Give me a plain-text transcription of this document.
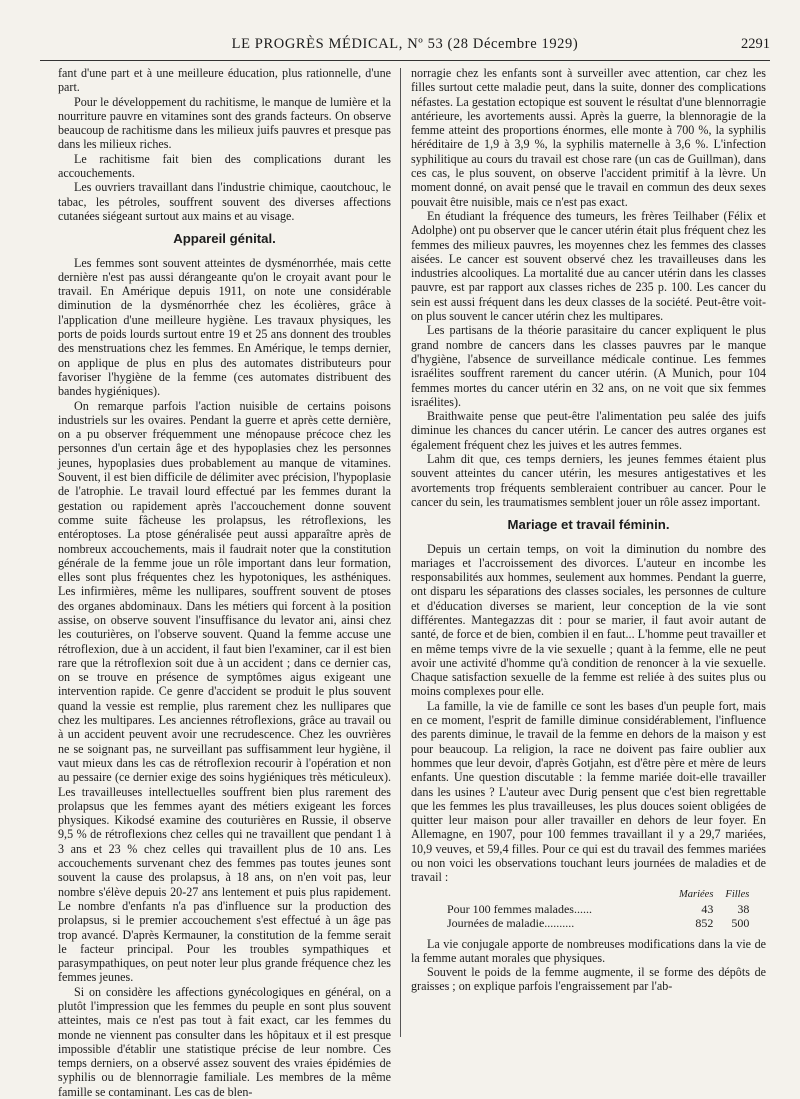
LE PROGRÈS MÉDICAL, Nº 53 (28 Décembre 1929)	2291

fant d'une part et à une meilleure éducation, plus rationnelle, d'une part.

Pour le développement du rachitisme, le manque de lumière et la nourriture pauvre en vitamines sont des grands facteurs. On observe beaucoup de rachitisme dans les milieux juifs pauvres et presque pas dans les milieux riches.

Le rachitisme fait bien des complications durant les accouchements.

Les ouvriers travaillant dans l'industrie chimique, caoutchouc, le tabac, les pétroles, souffrent souvent des diverses affections cutanées siégeant surtout aux mains et au visage.

Appareil génital.

Les femmes sont souvent atteintes de dysménorrhée, mais cette dernière n'est pas aussi dérangeante qu'on le croyait avant pour le travail. En Amérique depuis 1911, on note une considérable diminution de la dysménorrhée chez les écolières, grâce à l'application d'une meilleure hygiène. Les travaux physiques, les ports de poids lourds surtout entre 19 et 25 ans donnent des troubles des menstruations chez les femmes. En Amérique, le temps dernier, on applique de plus en plus des automates distributeurs pour favoriser l'hygiène de la femme (ces automates distribuent des bandes hygiéniques).

On remarque parfois l'action nuisible de certains poisons industriels sur les ovaires. Pendant la guerre et après cette dernière, on a pu observer fréquemment une ménopause précoce chez les personnes d'un certain âge et des hypoplasies chez les personnes jeunes, hypoplasies dues probablement au manque de vitamines. Souvent, il est bien difficile de délimiter avec précision, l'hypoplasie de l'atrophie. Le travail lourd effectué par les femmes durant la gestation ou rapidement après l'accouchement donne souvent comme suite fâcheuse les prolapsus, les rétroflexions, les entéroptoses. La ptose généralisée peut aussi apparaître après de nombreux accouchements, mais il faudrait noter que la constitution générale de la femme joue un rôle important dans leur formation, elles sont plus fréquentes chez les hypotoniques, les asthéniques. Les infirmières, même les nullipares, souffrent souvent de ptoses des organes abdominaux. Dans les métiers qui forcent à la position assise, on observe souvent l'insuffisance du levator ani, ainsi chez les couturières, on l'observe souvent. Quand la femme accuse une rétroflexion, due à un accident, il faut bien l'examiner, car il est bien rare que la rétroflexion soit due à un accident ; dans ce dernier cas, on se trouve en présence de symptômes aigus exigeant une intervention rapide. Ce genre d'accident se produit le plus souvent quand la vessie est remplie, plus rarement chez les nullipares que chez les multipares. Les anciennes rétroflexions, grâce au travail ou à un accident peuvent avoir une recrudescence. Chez les ouvrières ne se soignant pas, ne surveillant pas suffisamment leur hygiène, il vaut mieux dans les cas de rétroflexion recourir à l'opération et non au pessaire (ce dernier exige des soins hygiéniques très méticuleux). Les travailleuses intellectuelles souffrent bien plus rarement des prolapsus que les femmes ayant des métiers exigeant les forces physiques. Kikodsé examine des couturières en Russie, il observe 9,5 % de rétroflexions chez celles qui ne travaillent que pendant 1 à 3 ans et 23 % chez celles qui travaillent plus de 10 ans. Les accouchements survenant chez des femmes pas toutes jeunes sont souvent la cause des prolapsus, à 18 ans, on n'en voit pas, leur nombre s'élève depuis 20-27 ans lentement et puis plus rapidement. Le nombre d'enfants n'a pas d'influence sur la production des prolapsus, si le premier accouchement s'est effectué à un âge pas trop avancé. D'après Kermauner, la constitution de la femme serait le facteur principal. Pour les troubles sympathiques et parasympathiques, on peut noter leur plus grande fréquence chez les femmes jeunes.

Si on considère les affections gynécologiques en général, on a plutôt l'impression que les femmes du peuple en sont plus souvent atteintes, mais ce n'est pas tout à fait exact, car les femmes du monde ne viennent pas consulter dans les hôpitaux et il est presque impossible d'établir une statistique précise de leur nombre. Ces temps derniers, on a observé assez souvent des vraies épidémies de syphilis ou de blennorragie familiale. Les membres de la même famille se contaminant. Les cas de blen-

norragie chez les enfants sont à surveiller avec attention, car chez les filles surtout cette maladie peut, dans la suite, donner des complications néfastes. La gestation ectopique est souvent le résultat d'une blennorragie antérieure, les avortements aussi. Après la guerre, la blennoragie de la femme atteint des proportions énormes, elle monte à 700 %, la syphilis héréditaire de 1,9 à 3,9 %, la syphilis maternelle à 3,6 %. L'infection syphilitique au cours du travail est chose rare (un cas de Guillman), dans ces cas, le plus souvent, on observe l'accident primitif à la lèvre. Un moment donné, on avait pensé que le travail en commun des deux sexes pouvait être nuisible, mais ce n'est pas exact.

En étudiant la fréquence des tumeurs, les frères Teilhaber (Félix et Adolphe) ont pu observer que le cancer utérin était plus fréquent chez les femmes des milieux pauvres, les moyennes chez les femmes des classes aisées. Le cancer est souvent observé chez les travailleuses dans les industries alcooliques. La mortalité due au cancer utérin dans les classes pauvre, est par rapport aux classes riches de 235 p. 100. Les cancer du sein est aussi fréquent dans les deux classes de la société. Peut-être voit-on plus souvent le cancer utérin chez les multipares.

Les partisans de la théorie parasitaire du cancer expliquent le plus grand nombre de cancers dans les classes pauvres par le manque d'hygiène, l'absence de surveillance médicale continue. Les femmes israélites souffrent rarement du cancer utérin. (A Munich, pour 104 femmes mortes du cancer utérin en 32 ans, on ne voit que six femmes israélites).

Braithwaite pense que peut-être l'alimentation peu salée des juifs diminue les chances du cancer utérin. Le cancer des autres organes est également fréquent chez les juives et les autres femmes.

Lahm dit que, ces temps derniers, les jeunes femmes étaient plus souvent atteintes du cancer utérin, les mesures antigestatives et les avortements trop fréquents sembleraient contribuer au cancer. Pour le cancer du sein, les traumatismes semblent jouer un rôle assez important.

Mariage et travail féminin.

Depuis un certain temps, on voit la diminution du nombre des mariages et l'accroissement des divorces. L'auteur en incombe les responsabilités aux hommes, seulement aux hommes. Pendant la guerre, ont disparu les séparations des classes sociales, les personnes de culture et d'éducation diverses se marient, leur conception de la vie sont différentes. Mantegazzas dit : pour se marier, il faut avoir autant de santé, de force et de bien, combien il en faut... L'homme peut travailler et en même temps vivre de la vie sexuelle ; quant à la femme, elle ne peut avoir une activité d'homme qu'à condition de renoncer à la vie sexuelle. Chaque satisfaction sexuelle de la femme est reliée à des suites plus ou moins complexes pour elle.

La famille, la vie de famille ce sont les bases d'un peuple fort, mais en ce moment, l'esprit de famille diminue considérablement, l'influence des parents diminue, le travail de la femme en dehors de la maison y est pour beaucoup. La religion, la race ne doivent pas faire oublier aux hommes que leur devoir, d'après Gotjahn, est d'être père et mère de leurs enfants. Une question discutable : la femme mariée doit-elle travailler dans les usines ? L'auteur avec Durig pensent que c'est bien regrettable que les femmes les plus travailleuses, les plus douces soient obligées de quitter leur maison pour aller travailler en dehors de leur foyer. En Allemagne, en 1907, pour 100 femmes travaillant il y a 29,7 mariées, 10,9 veuves, et 59,4 filles. Pour ce qui est du travail des femmes mariées ou non voici les observations touchant leurs journées de maladies et de travail :

	Mariées	Filles
Pour 100 femmes malades......	43	38
Journées de maladie..........	852	500

La vie conjugale apporte de nombreuses modifications dans la vie de la femme autant morales que physiques.

Souvent le poids de la femme augmente, il se forme des dépôts de graisses ; on explique parfois l'engraissement par l'ab-
